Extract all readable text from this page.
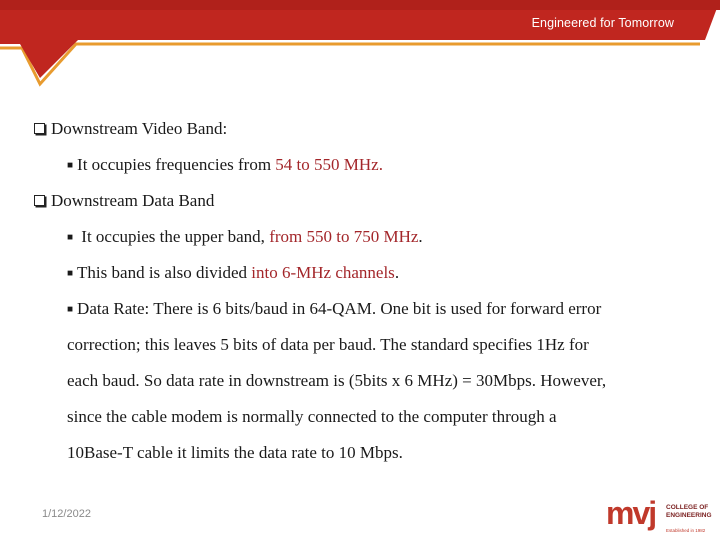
Engineered for Tomorrow
Downstream Video Band:
■ It occupies frequencies from 54 to 550 MHz.
Downstream Data Band
■ It occupies the upper band, from 550 to 750 MHz.
■ This band is also divided into 6-MHz channels.
■ Data Rate: There is 6 bits/baud in 64-QAM. One bit is used for forward error
correction; this leaves 5 bits of data per baud. The standard specifies 1Hz for
each baud. So data rate in downstream is (5bits x 6 MHz) = 30Mbps. However,
since the cable modem is normally connected to the computer through a
10Base-T cable it limits the data rate to 10 Mbps.
1/12/2022	mvj COLLEGE OF
ENGINEERING
Established in 1982
